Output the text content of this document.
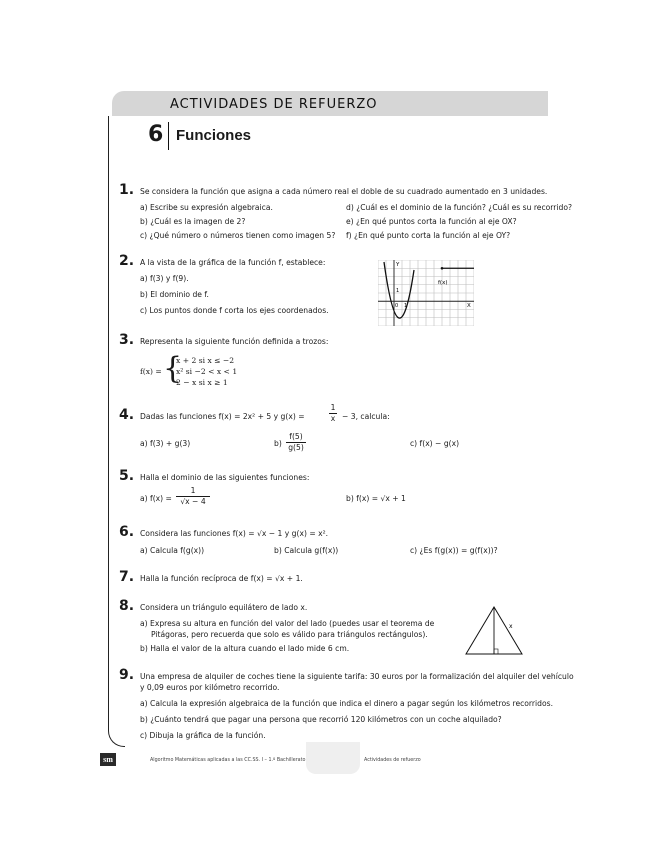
ACTIVIDADES DE REFUERZO
6 Funciones
1. Se considera la función que asigna a cada número real el doble de su cuadrado aumentado en 3 unidades.
a) Escribe su expresión algebraica.
b) ¿Cuál es la imagen de 2?
c) ¿Qué número o números tienen como imagen 5?
d) ¿Cuál es el dominio de la función? ¿Cuál es su recorrido?
e) ¿En qué puntos corta la función al eje OX?
f) ¿En qué punto corta la función al eje OY?
2. A la vista de la gráfica de la función f, establece:
a) f(3) y f(9).
b) El dominio de f.
c) Los puntos donde f corta los ejes coordenados.
Y
X
f(x)
1
0 1
3. Representa la siguiente función definida a trozos:
f(x) = {
x + 2 si x ≤ −2
x² si −2 < x < 1
2 − x si x ≥ 1
4. Dadas las funciones f(x) = 2x² + 5 y g(x) =
1
x − 3, calcula:
a) f(3) + g(3)	b)
f(5)
g(5)	c) f(x) − g(x)
5. Halla el dominio de las siguientes funciones:
a) f(x) =
1
√x − 4	b) f(x) = √x + 1
6. Considera las funciones f(x) = √x − 1 y g(x) = x².
a) Calcula f(g(x))	b) Calcula g(f(x))	c) ¿Es f(g(x)) = g(f(x))?
7. Halla la función recíproca de f(x) = √x + 1.
8. Considera un triángulo equilátero de lado x.
a) Expresa su altura en función del valor del lado (puedes usar el teorema de
Pitágoras, pero recuerda que solo es válido para triángulos rectángulos).
b) Halla el valor de la altura cuando el lado mide 6 cm.
x
9. Una empresa de alquiler de coches tiene la siguiente tarifa: 30 euros por la formalización del alquiler del vehículo
y 0,09 euros por kilómetro recorrido.
a) Calcula la expresión algebraica de la función que indica el dinero a pagar según los kilómetros recorridos.
b) ¿Cuánto tendrá que pagar una persona que recorrió 120 kilómetros con un coche alquilado?
c) Dibuja la gráfica de la función.
sm	Algoritmo Matemáticas aplicadas a las CC.SS. I – 1.º Bachillerato	Actividades de refuerzo
